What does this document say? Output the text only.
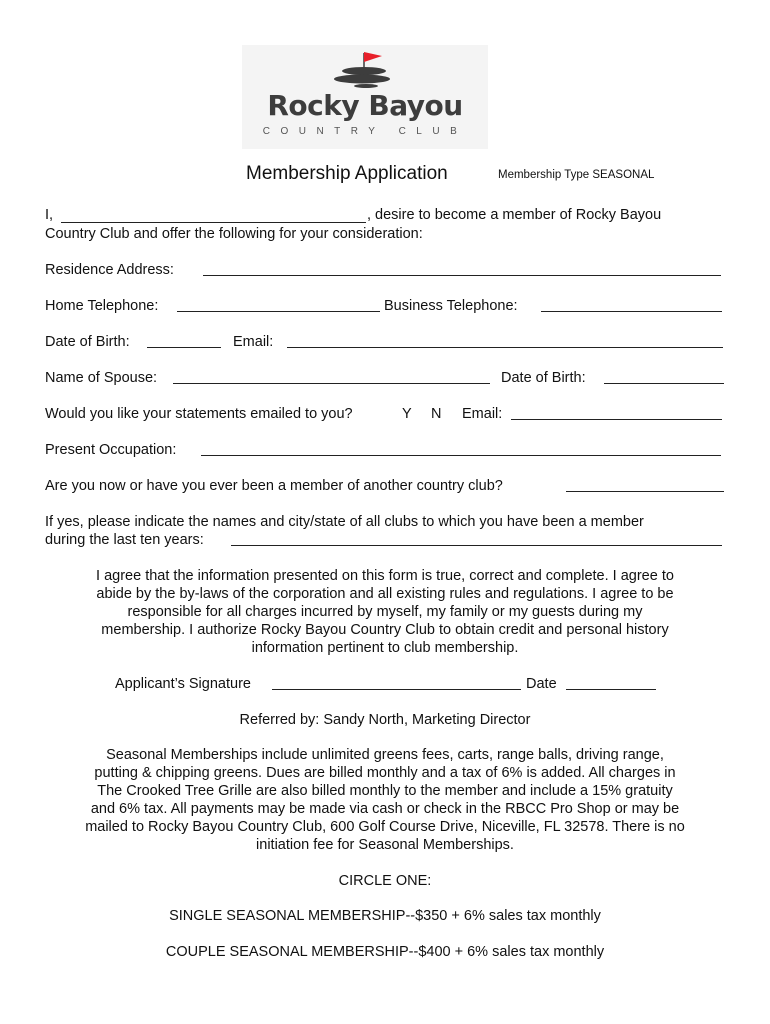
Rocky Bayou
COUNTRY CLUB
Membership Application	Membership Type SEASONAL
I,	, desire to become a member of Rocky Bayou
Country Club and offer the following for your consideration:
Residence Address:
Home Telephone:	Business Telephone:
Date of Birth:	Email:
Name of Spouse:	Date of Birth:
Would you like your statements emailed to you?	Y N Email:
Present Occupation:
Are you now or have you ever been a member of another country club?
If yes, please indicate the names and city/state of all clubs to which you have been a member
during the last ten years:
I agree that the information presented on this form is true, correct and complete. I agree to
abide by the by-laws of the corporation and all existing rules and regulations. I agree to be
responsible for all charges incurred by myself, my family or my guests during my
membership. I authorize Rocky Bayou Country Club to obtain credit and personal history
information pertinent to club membership.
Applicant’s Signature	Date
Referred by: Sandy North, Marketing Director
Seasonal Memberships include unlimited greens fees, carts, range balls, driving range,
putting & chipping greens. Dues are billed monthly and a tax of 6% is added. All charges in
The Crooked Tree Grille are also billed monthly to the member and include a 15% gratuity
and 6% tax. All payments may be made via cash or check in the RBCC Pro Shop or may be
mailed to Rocky Bayou Country Club, 600 Golf Course Drive, Niceville, FL 32578. There is no
initiation fee for Seasonal Memberships.
CIRCLE ONE:
SINGLE SEASONAL MEMBERSHIP--$350 + 6% sales tax monthly
COUPLE SEASONAL MEMBERSHIP--$400 + 6% sales tax monthly
